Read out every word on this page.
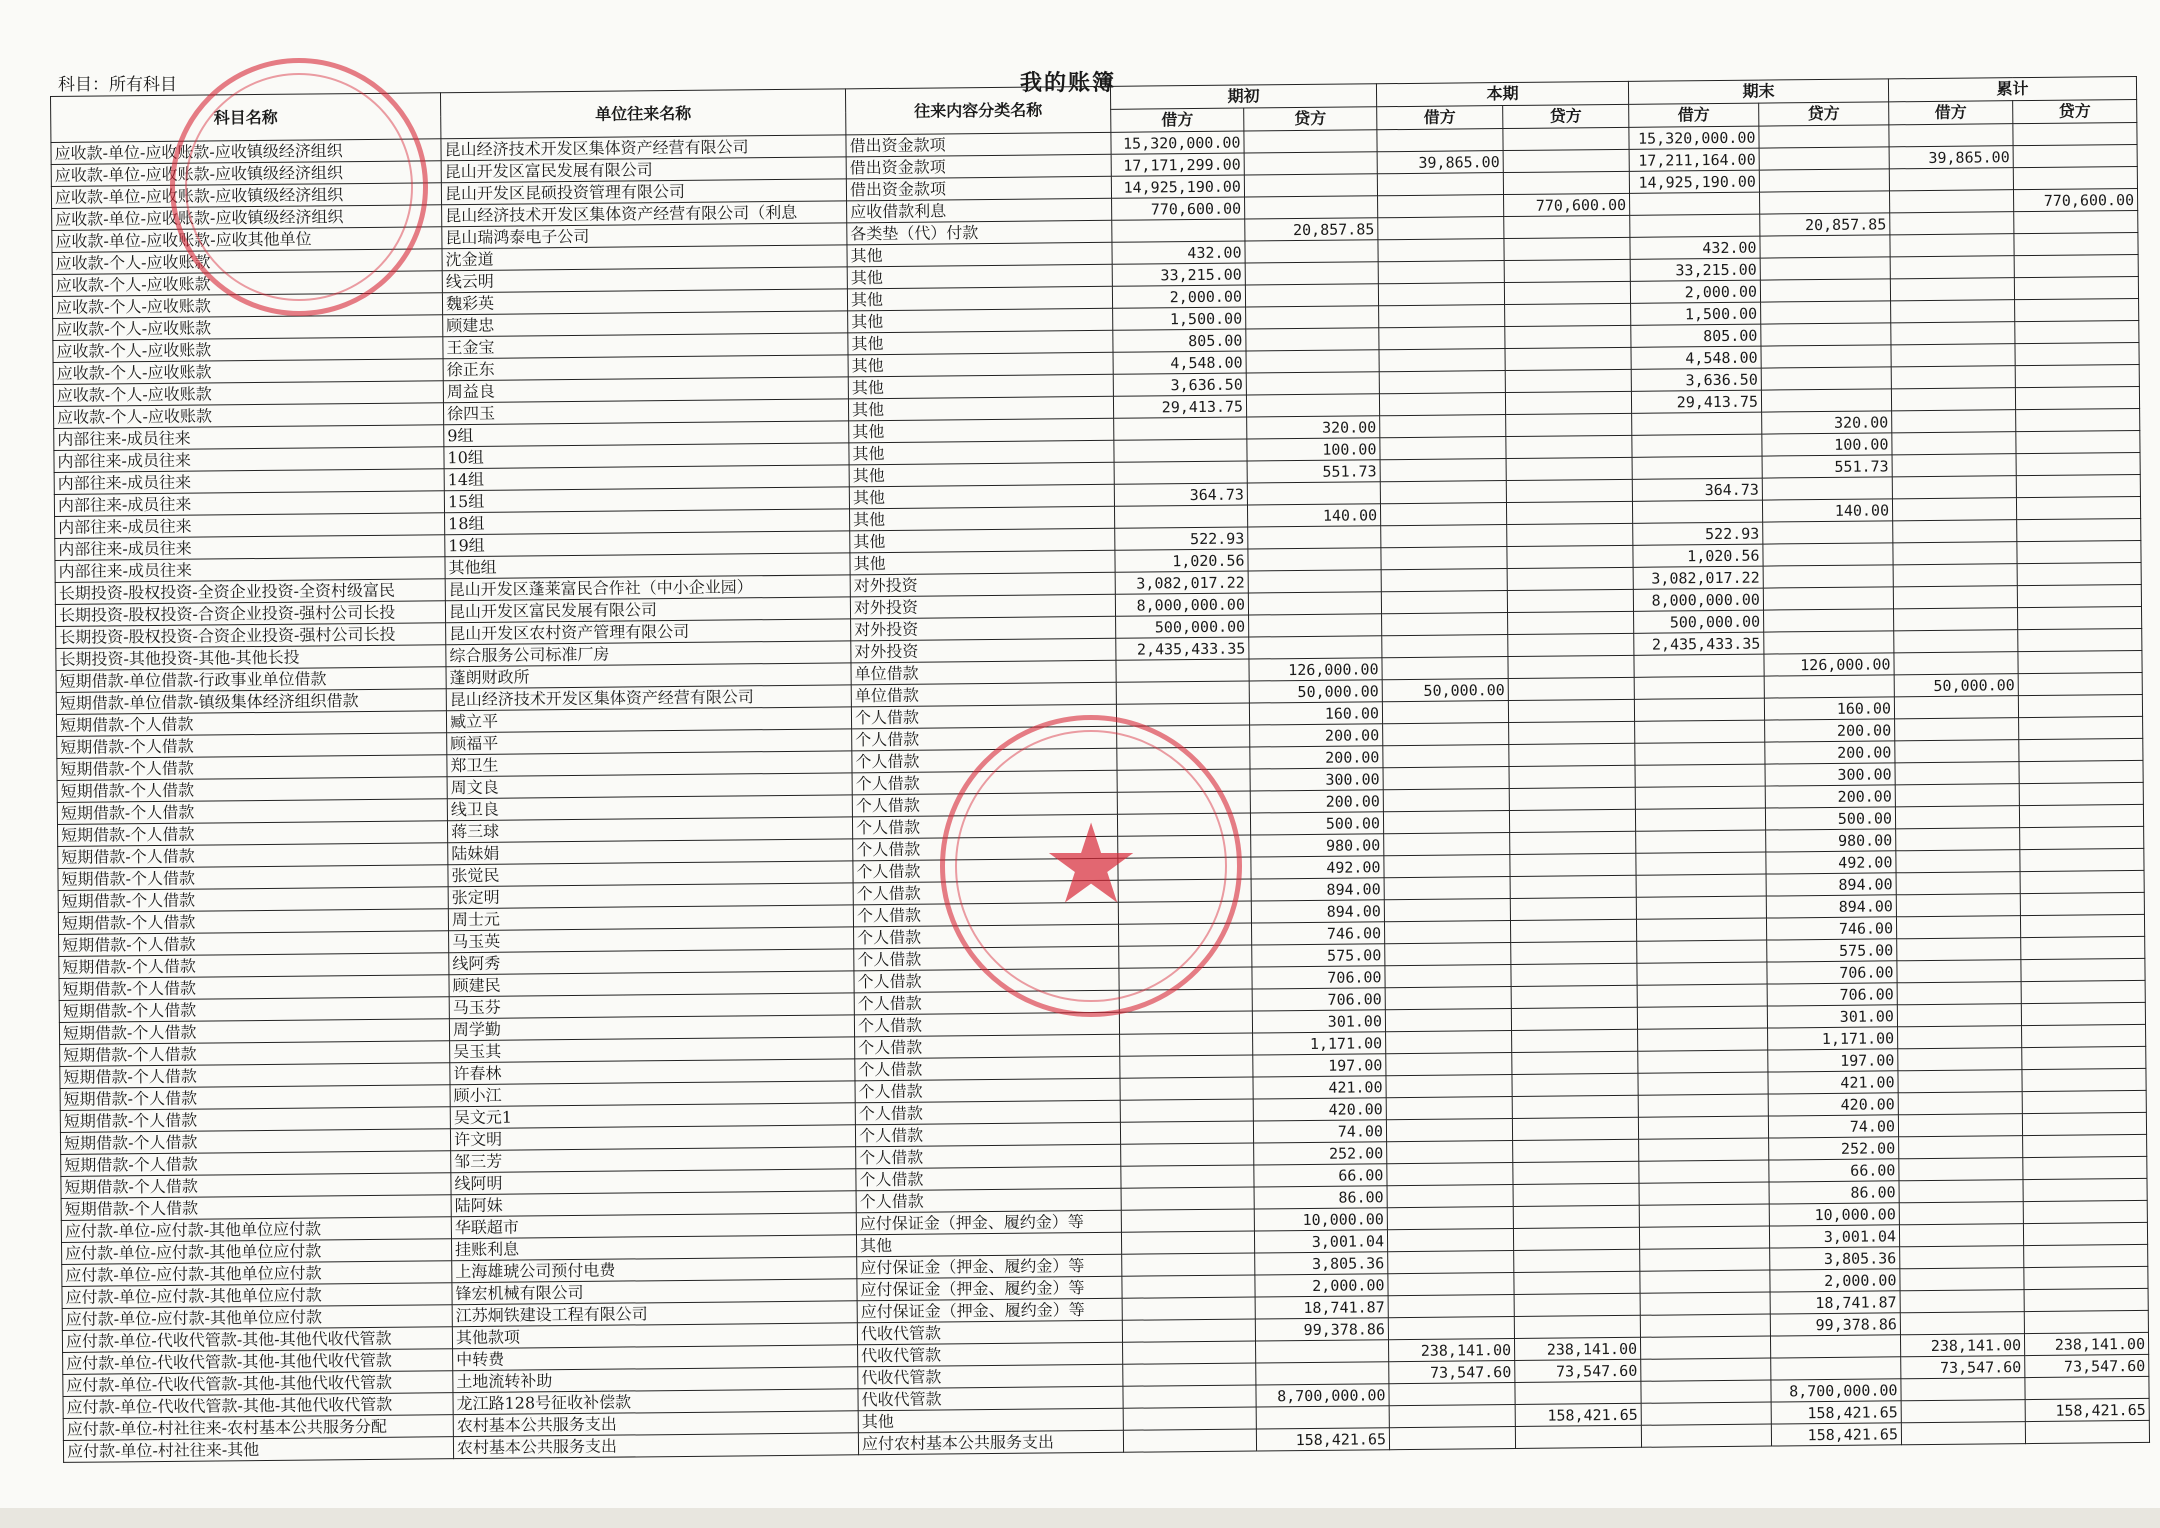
科目：所有科目	我的账簿
科目名称	单位往来名称	往来内容分类名称	期初		本期		期末		累计	
			借方	贷方	借方	贷方	借方	贷方	借方	贷方
应收款-单位-应收账款-应收镇级经济组织	昆山经济技术开发区集体资产经营有限公司	借出资金款项	15,320,000.00				15,320,000.00			
应收款-单位-应收账款-应收镇级经济组织	昆山开发区富民发展有限公司	借出资金款项	17,171,299.00		39,865.00		17,211,164.00		39,865.00	
应收款-单位-应收账款-应收镇级经济组织	昆山开发区昆硕投资管理有限公司	借出资金款项	14,925,190.00				14,925,190.00			
应收款-单位-应收账款-应收镇级经济组织	昆山经济技术开发区集体资产经营有限公司（利息	应收借款利息	770,600.00			770,600.00				770,600.00
应收款-单位-应收账款-应收其他单位	昆山瑞鸿泰电子公司	各类垫（代）付款		20,857.85				20,857.85		
应收款-个人-应收账款	沈金道	其他	432.00				432.00			
应收款-个人-应收账款	线云明	其他	33,215.00				33,215.00			
应收款-个人-应收账款	魏彩英	其他	2,000.00				2,000.00			
应收款-个人-应收账款	顾建忠	其他	1,500.00				1,500.00			
应收款-个人-应收账款	王金宝	其他	805.00				805.00			
应收款-个人-应收账款	徐正东	其他	4,548.00				4,548.00			
应收款-个人-应收账款	周益良	其他	3,636.50				3,636.50			
应收款-个人-应收账款	徐四玉	其他	29,413.75				29,413.75			
内部往来-成员往来	9组	其他		320.00				320.00		
内部往来-成员往来	10组	其他		100.00				100.00		
内部往来-成员往来	14组	其他		551.73				551.73		
内部往来-成员往来	15组	其他	364.73				364.73			
内部往来-成员往来	18组	其他		140.00				140.00		
内部往来-成员往来	19组	其他	522.93				522.93			
内部往来-成员往来	其他组	其他	1,020.56				1,020.56			
长期投资-股权投资-全资企业投资-全资村级富民	昆山开发区蓬莱富民合作社（中小企业园）	对外投资	3,082,017.22				3,082,017.22			
长期投资-股权投资-合资企业投资-强村公司长投	昆山开发区富民发展有限公司	对外投资	8,000,000.00				8,000,000.00			
长期投资-股权投资-合资企业投资-强村公司长投	昆山开发区农村资产管理有限公司	对外投资	500,000.00				500,000.00			
长期投资-其他投资-其他-其他长投	综合服务公司标准厂房	对外投资	2,435,433.35				2,435,433.35			
短期借款-单位借款-行政事业单位借款	蓬朗财政所	单位借款		126,000.00				126,000.00		
短期借款-单位借款-镇级集体经济组织借款	昆山经济技术开发区集体资产经营有限公司	单位借款		50,000.00	50,000.00				50,000.00	
短期借款-个人借款	臧立平	个人借款		160.00				160.00		
短期借款-个人借款	顾福平	个人借款		200.00				200.00		
短期借款-个人借款	郑卫生	个人借款		200.00				200.00		
短期借款-个人借款	周文良	个人借款		300.00				300.00		
短期借款-个人借款	线卫良	个人借款		200.00				200.00		
短期借款-个人借款	蒋三球	个人借款		500.00				500.00		
短期借款-个人借款	陆妹娟	个人借款		980.00				980.00		
短期借款-个人借款	张觉民	个人借款		492.00				492.00		
短期借款-个人借款	张定明	个人借款		894.00				894.00		
短期借款-个人借款	周士元	个人借款		894.00				894.00		
短期借款-个人借款	马玉英	个人借款		746.00				746.00		
短期借款-个人借款	线阿秀	个人借款		575.00				575.00		
短期借款-个人借款	顾建民	个人借款		706.00				706.00		
短期借款-个人借款	马玉芬	个人借款		706.00				706.00		
短期借款-个人借款	周学勤	个人借款		301.00				301.00		
短期借款-个人借款	吴玉其	个人借款		1,171.00				1,171.00		
短期借款-个人借款	许春林	个人借款		197.00				197.00		
短期借款-个人借款	顾小江	个人借款		421.00				421.00		
短期借款-个人借款	吴文元1	个人借款		420.00				420.00		
短期借款-个人借款	许文明	个人借款		74.00				74.00		
短期借款-个人借款	邹三芳	个人借款		252.00				252.00		
短期借款-个人借款	线阿明	个人借款		66.00				66.00		
短期借款-个人借款	陆阿妹	个人借款		86.00				86.00		
应付款-单位-应付款-其他单位应付款	华联超市	应付保证金（押金、履约金）等		10,000.00				10,000.00		
应付款-单位-应付款-其他单位应付款	挂账利息	其他		3,001.04				3,001.04		
应付款-单位-应付款-其他单位应付款	上海雄琥公司预付电费	应付保证金（押金、履约金）等		3,805.36				3,805.36		
应付款-单位-应付款-其他单位应付款	锋宏机械有限公司	应付保证金（押金、履约金）等		2,000.00				2,000.00		
应付款-单位-应付款-其他单位应付款	江苏炯铁建设工程有限公司	应付保证金（押金、履约金）等		18,741.87				18,741.87		
应付款-单位-代收代管款-其他-其他代收代管款	其他款项	代收代管款		99,378.86				99,378.86		
应付款-单位-代收代管款-其他-其他代收代管款	中转费	代收代管款			238,141.00	238,141.00			238,141.00	238,141.00
应付款-单位-代收代管款-其他-其他代收代管款	土地流转补助	代收代管款			73,547.60	73,547.60			73,547.60	73,547.60
应付款-单位-代收代管款-其他-其他代收代管款	龙江路128号征收补偿款	代收代管款		8,700,000.00				8,700,000.00		
应付款-单位-村社往来-农村基本公共服务分配	农村基本公共服务支出	其他				158,421.65		158,421.65		158,421.65
应付款-单位-村社往来-其他	农村基本公共服务支出	应付农村基本公共服务支出		158,421.65				158,421.65		
★
